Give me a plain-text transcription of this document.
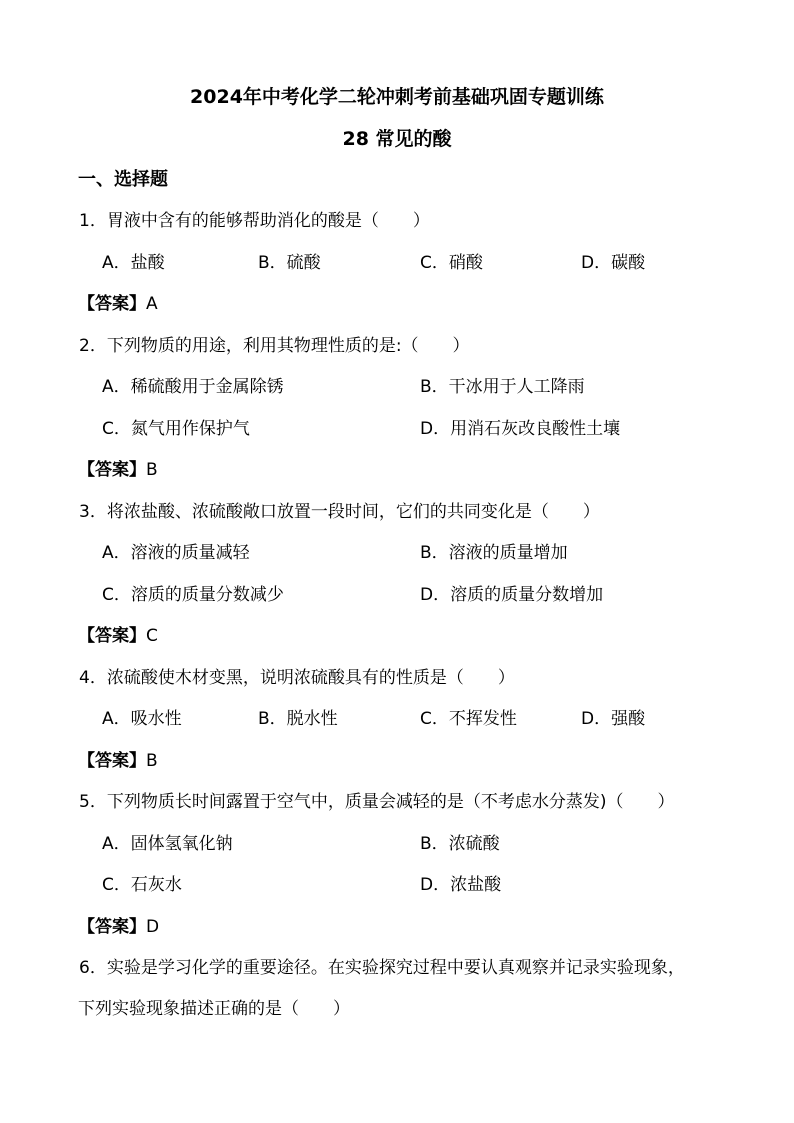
2024年中考化学二轮冲刺考前基础巩固专题训练
28 常见的酸
一、选择题
1．胃液中含有的能够帮助消化的酸是（　　）
A．盐酸	B．硫酸	C．硝酸	D．碳酸
【答案】A
2．下列物质的用途，利用其物理性质的是:（　　）
A．稀硫酸用于金属除锈	B．干冰用于人工降雨
C．氮气用作保护气	D．用消石灰改良酸性土壤
【答案】B
3．将浓盐酸、浓硫酸敞口放置一段时间，它们的共同变化是（　　）
A．溶液的质量减轻	B．溶液的质量增加
C．溶质的质量分数减少	D．溶质的质量分数增加
【答案】C
4．浓硫酸使木材变黑，说明浓硫酸具有的性质是（　　）
A．吸水性	B．脱水性	C．不挥发性	D．强酸
【答案】B
5．下列物质长时间露置于空气中，质量会减轻的是（不考虑水分蒸发)（　　）
A．固体氢氧化钠	B．浓硫酸
C．石灰水	D．浓盐酸
【答案】D
6．实验是学习化学的重要途径。在实验探究过程中要认真观察并记录实验现象，
下列实验现象描述正确的是（　　）
